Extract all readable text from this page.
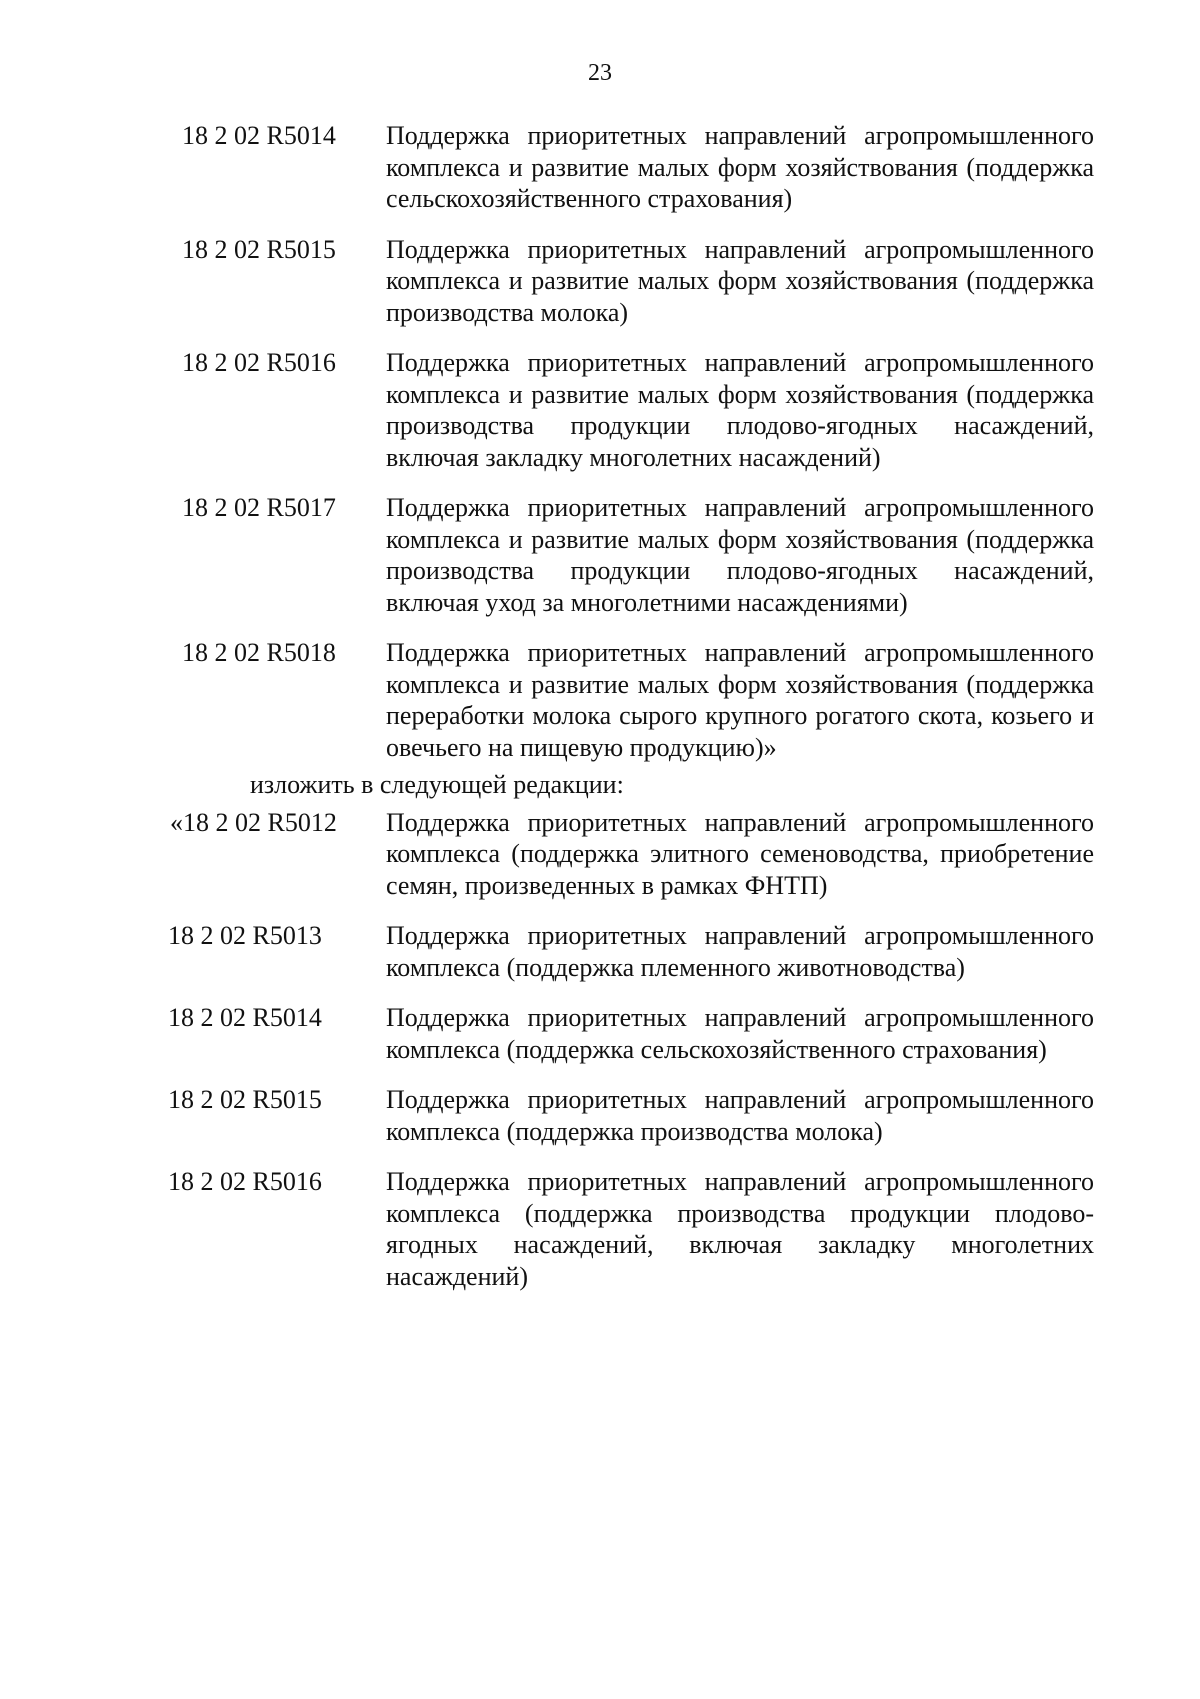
23
18 2 02 R5014 Поддержка приоритетных направлений агропромышленного комплекса и развитие малых форм хозяйствования (поддержка сельскохозяйственного страхования)
18 2 02 R5015 Поддержка приоритетных направлений агропромышленного комплекса и развитие малых форм хозяйствования (поддержка производства молока)
18 2 02 R5016 Поддержка приоритетных направлений агропромышленного комплекса и развитие малых форм хозяйствования (поддержка производства продукции плодово-ягодных насаждений, включая закладку многолетних насаждений)
18 2 02 R5017 Поддержка приоритетных направлений агропромышленного комплекса и развитие малых форм хозяйствования (поддержка производства продукции плодово-ягодных насаждений, включая уход за многолетними насаждениями)
18 2 02 R5018 Поддержка приоритетных направлений агропромышленного комплекса и развитие малых форм хозяйствования (поддержка переработки молока сырого крупного рогатого скота, козьего и овечьего на пищевую продукцию)»
изложить в следующей редакции:
«18 2 02 R5012 Поддержка приоритетных направлений агропромышленного комплекса (поддержка элитного семеноводства, приобретение семян, произведенных в рамках ФНТП)
18 2 02 R5013 Поддержка приоритетных направлений агропромышленного комплекса (поддержка племенного животноводства)
18 2 02 R5014 Поддержка приоритетных направлений агропромышленного комплекса (поддержка сельскохозяйственного страхования)
18 2 02 R5015 Поддержка приоритетных направлений агропромышленного комплекса (поддержка производства молока)
18 2 02 R5016 Поддержка приоритетных направлений агропромышленного комплекса (поддержка производства продукции плодово-ягодных насаждений, включая закладку многолетних насаждений)
